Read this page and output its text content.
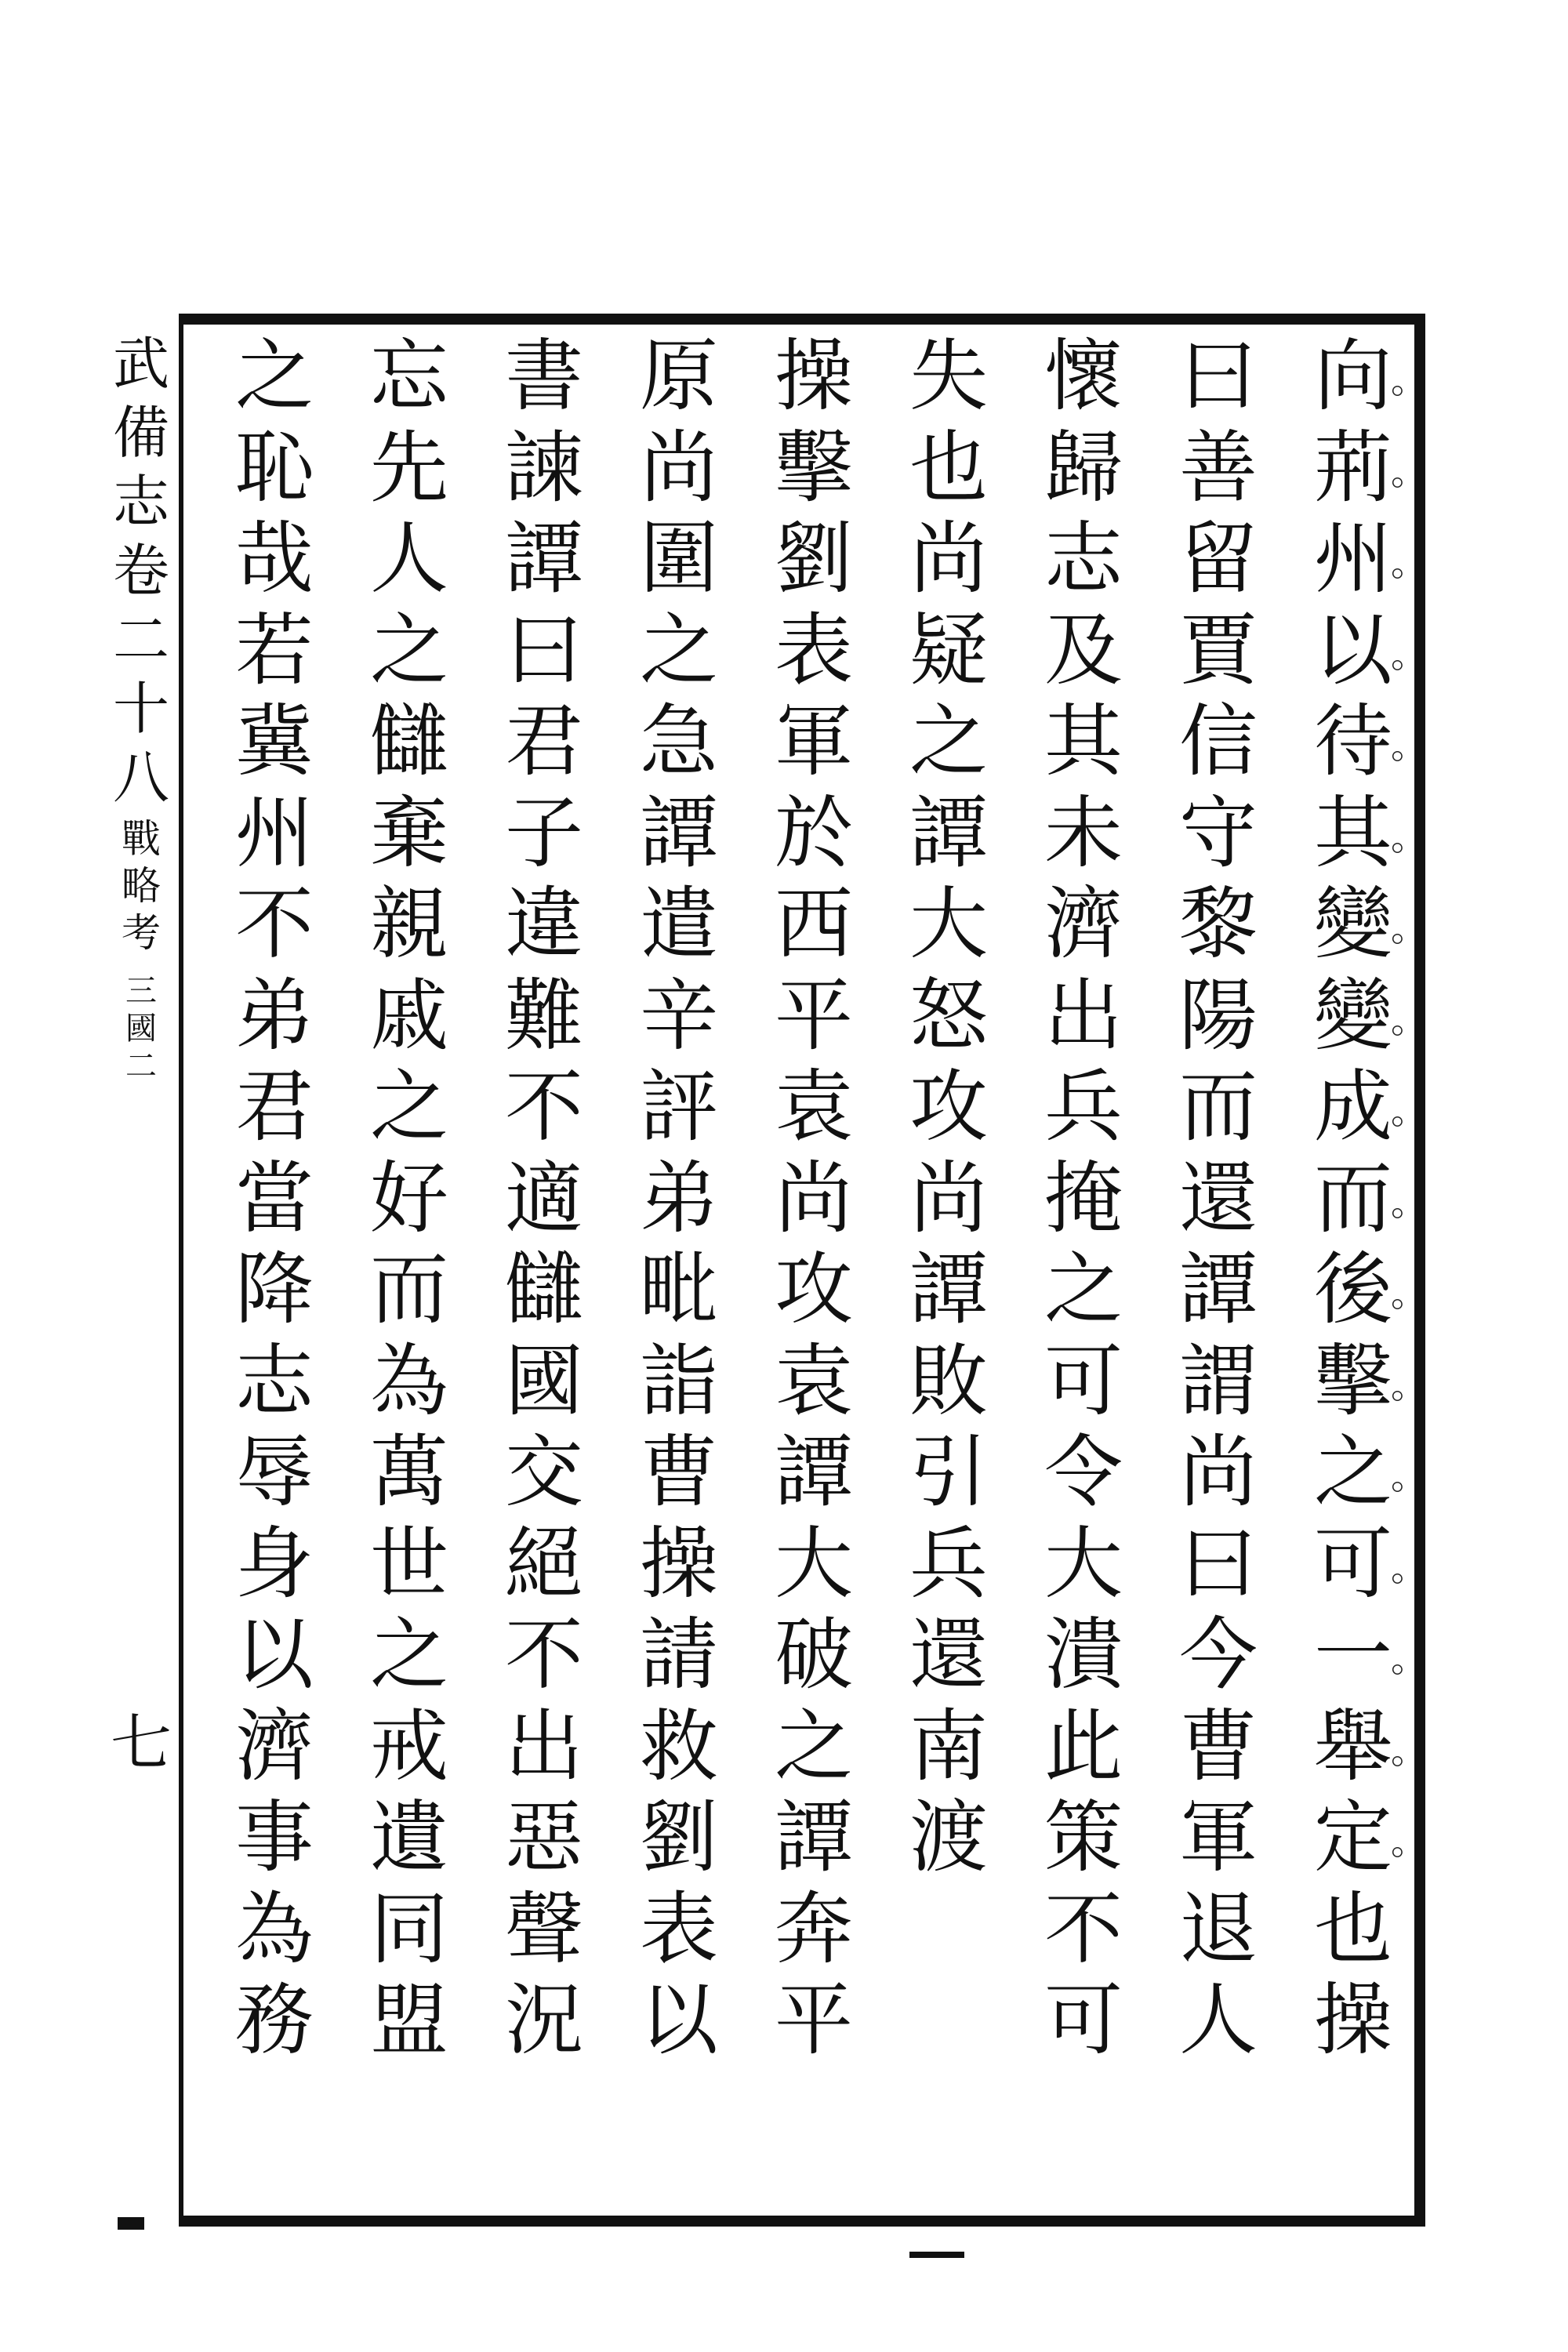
武
備
志
卷
二
十
八
戰
略
考
三
國
二
七
向 。
荊 。
州 。
以 。
待 。
其 。
變 。
變 。
成 。
而 。
後 。
擊 。
之 。
可 。
一 。
舉 。
定 。
也
操
曰
善
留
賈
信
守
黎
陽
而
還
譚
謂
尚
曰
今
曹
軍
退
人
懷
歸
志
及
其
未
濟
出
兵
掩
之
可
令
大
潰
此
策
不
可
失
也
尚
疑
之
譚
大
怒
攻
尚
譚
敗
引
兵
還
南
渡
操
擊
劉
表
軍
於
西
平
袁
尚
攻
袁
譚
大
破
之
譚
奔
平
原
尚
圍
之
急
譚
遣
辛
評
弟
毗
詣
曹
操
請
救
劉
表
以
書
諫
譚
曰
君
子
違
難
不
適
讎
國
交
絕
不
出
惡
聲
況
忘
先
人
之
讎
棄
親
戚
之
好
而
為
萬
世
之
戒
遺
同
盟
之
恥
哉
若
冀
州
不
弟
君
當
降
志
辱
身
以
濟
事
為
務
